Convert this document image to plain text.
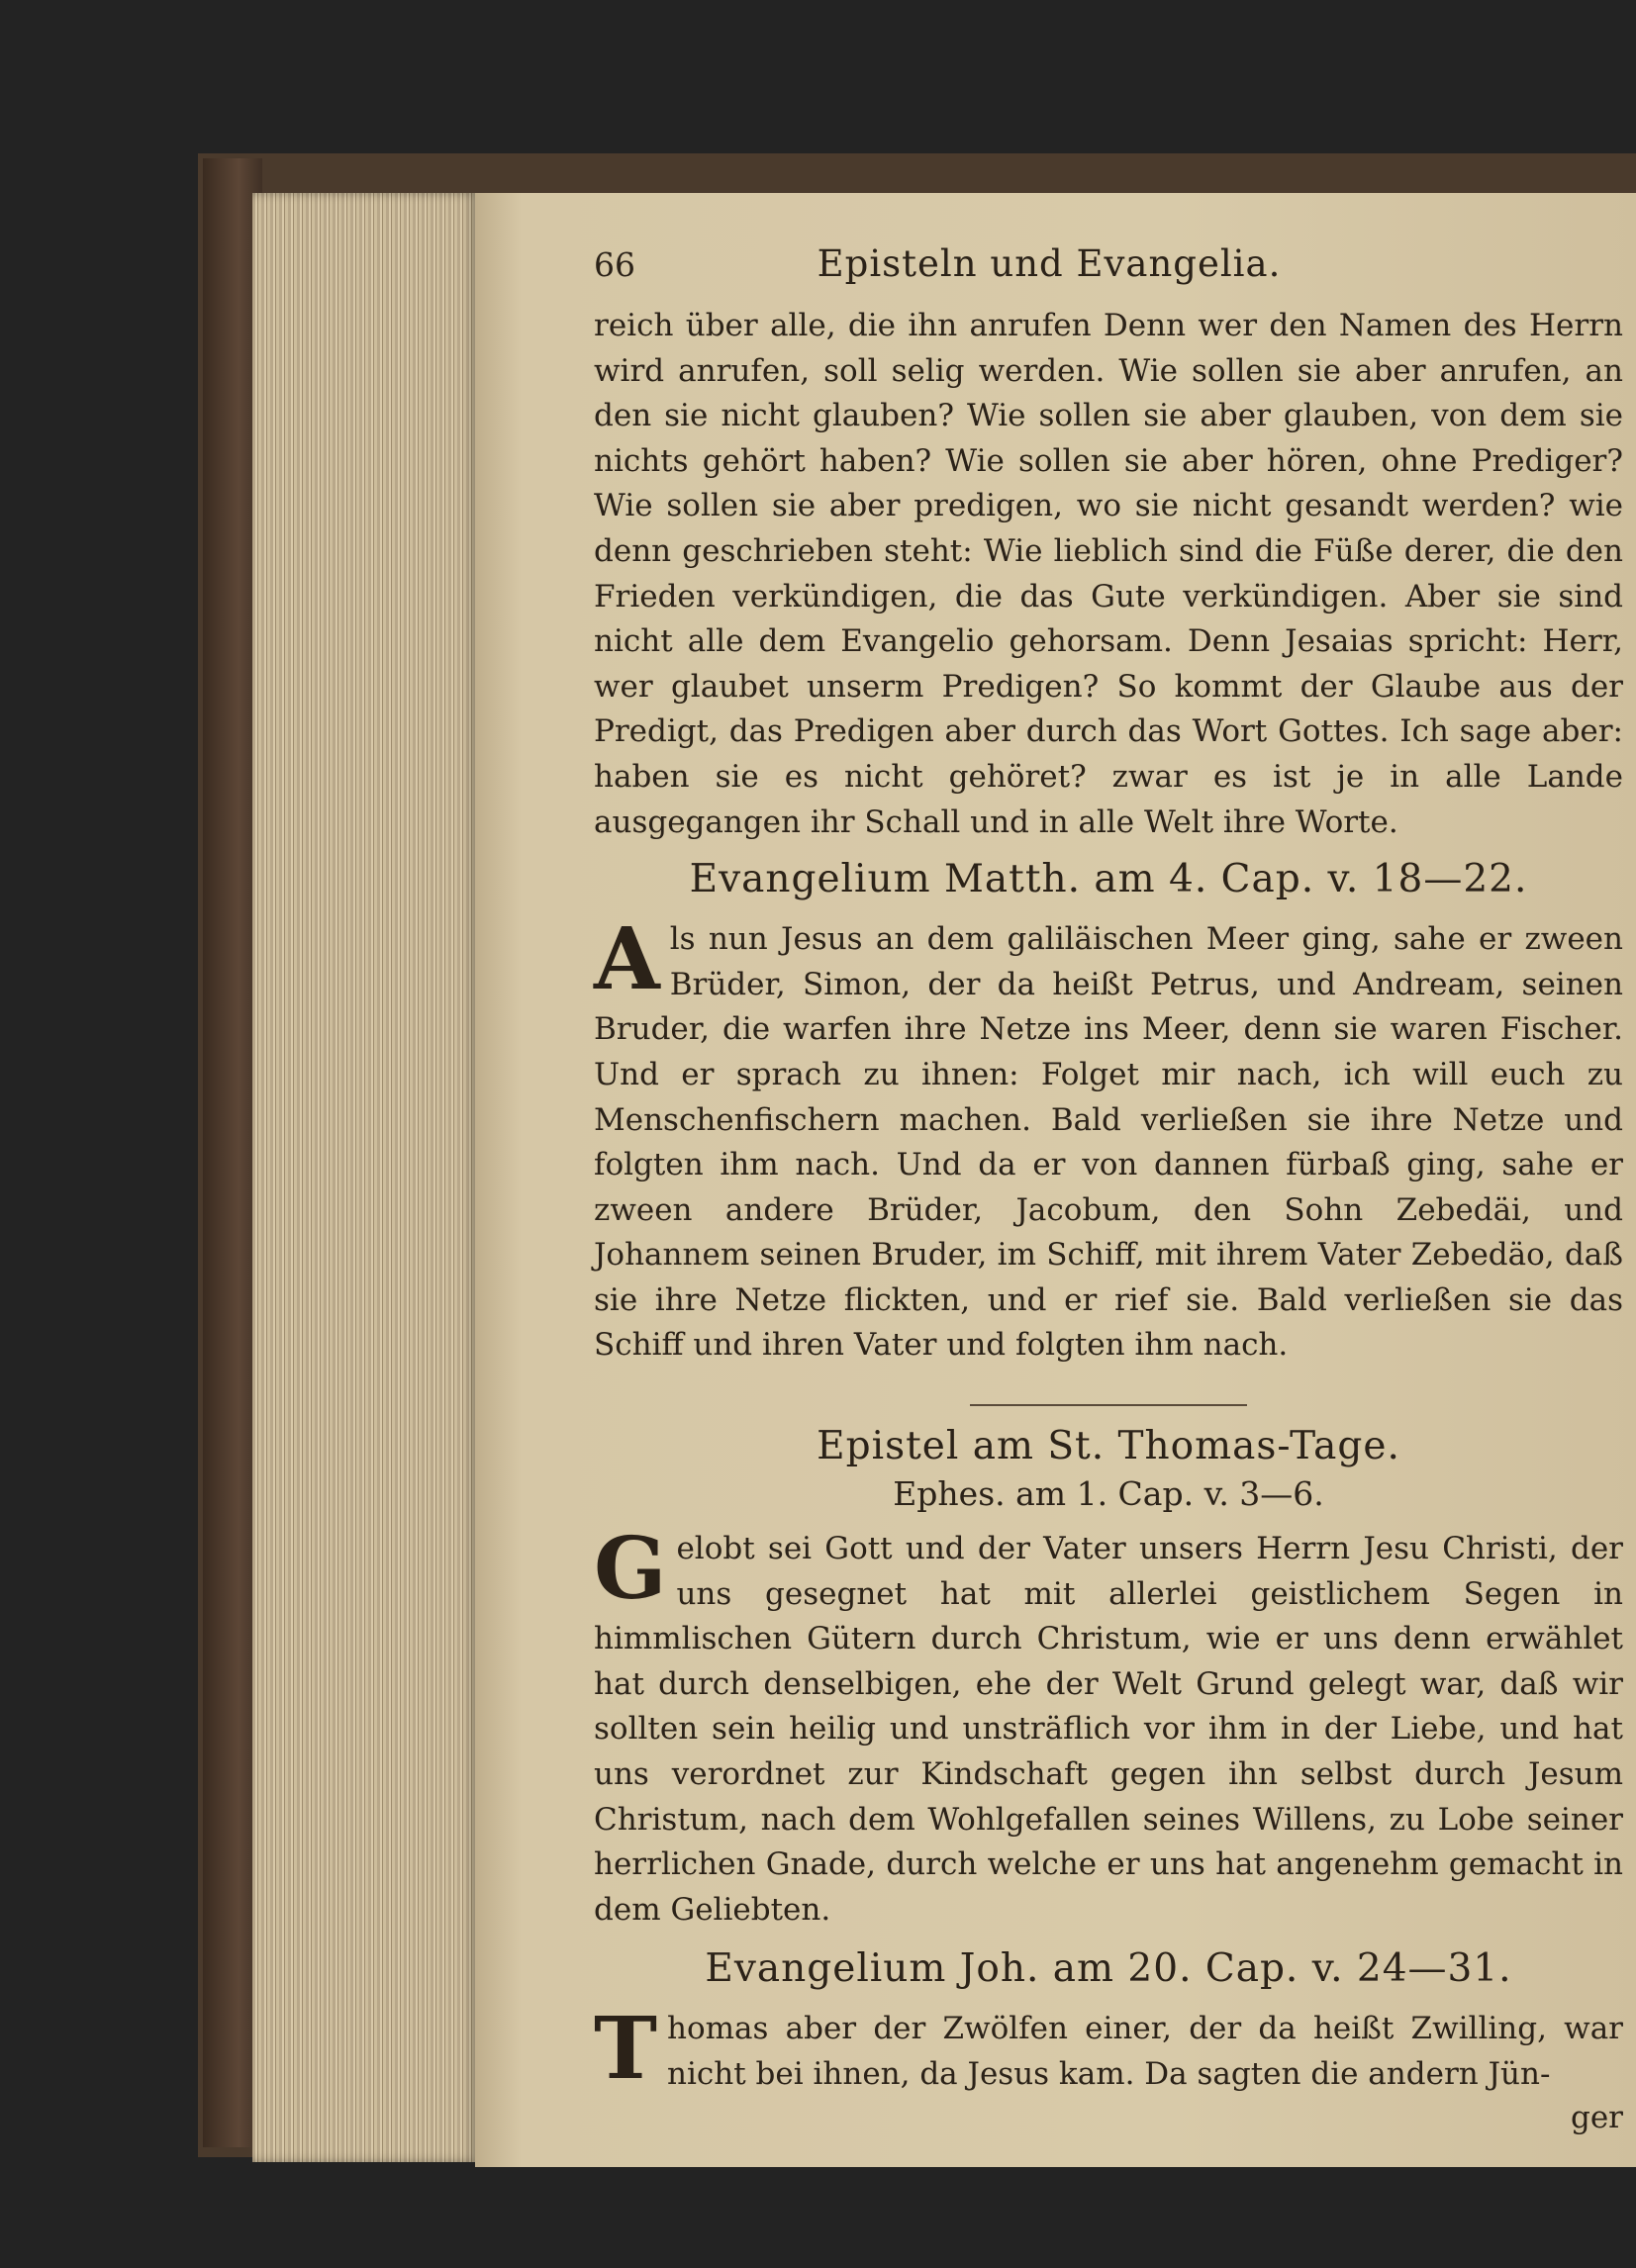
66	Episteln und Evangelia.

reich über alle, die ihn anrufen Denn wer den Namen des Herrn wird anrufen, soll selig werden. Wie sollen sie aber anrufen, an den sie nicht glauben? Wie sollen sie aber glauben, von dem sie nichts gehört haben? Wie sollen sie aber hören, ohne Prediger? Wie sollen sie aber predigen, wo sie nicht gesandt werden? wie denn geschrieben steht: Wie lieblich sind die Füße derer, die den Frieden verkündigen, die das Gute verkündigen. Aber sie sind nicht alle dem Evangelio gehorsam. Denn Jesaias spricht: Herr, wer glaubet unserm Predigen? So kommt der Glaube aus der Predigt, das Predigen aber durch das Wort Gottes. Ich sage aber: haben sie es nicht gehöret? zwar es ist je in alle Lande ausgegangen ihr Schall und in alle Welt ihre Worte.

Evangelium Matth. am 4. Cap. v. 18—22.

Als nun Jesus an dem galiläischen Meer ging, sahe er zween Brüder, Simon, der da heißt Petrus, und Andream, seinen Bruder, die warfen ihre Netze ins Meer, denn sie waren Fischer. Und er sprach zu ihnen: Folget mir nach, ich will euch zu Menschenfischern machen. Bald verließen sie ihre Netze und folgten ihm nach. Und da er von dannen fürbaß ging, sahe er zween andere Brüder, Jacobum, den Sohn Zebedäi, und Johannem seinen Bruder, im Schiff, mit ihrem Vater Zebedäo, daß sie ihre Netze flickten, und er rief sie. Bald verließen sie das Schiff und ihren Vater und folgten ihm nach.

Epistel am St. Thomas-Tage.
Ephes. am 1. Cap. v. 3—6.

Gelobt sei Gott und der Vater unsers Herrn Jesu Christi, der uns gesegnet hat mit allerlei geistlichem Segen in himmlischen Gütern durch Christum, wie er uns denn erwählet hat durch denselbigen, ehe der Welt Grund gelegt war, daß wir sollten sein heilig und unsträflich vor ihm in der Liebe, und hat uns verordnet zur Kindschaft gegen ihn selbst durch Jesum Christum, nach dem Wohlgefallen seines Willens, zu Lobe seiner herrlichen Gnade, durch welche er uns hat angenehm gemacht in dem Geliebten.

Evangelium Joh. am 20. Cap. v. 24—31.

Thomas aber der Zwölfen einer, der da heißt Zwilling, war nicht bei ihnen, da Jesus kam. Da sagten die andern Jün-

ger
